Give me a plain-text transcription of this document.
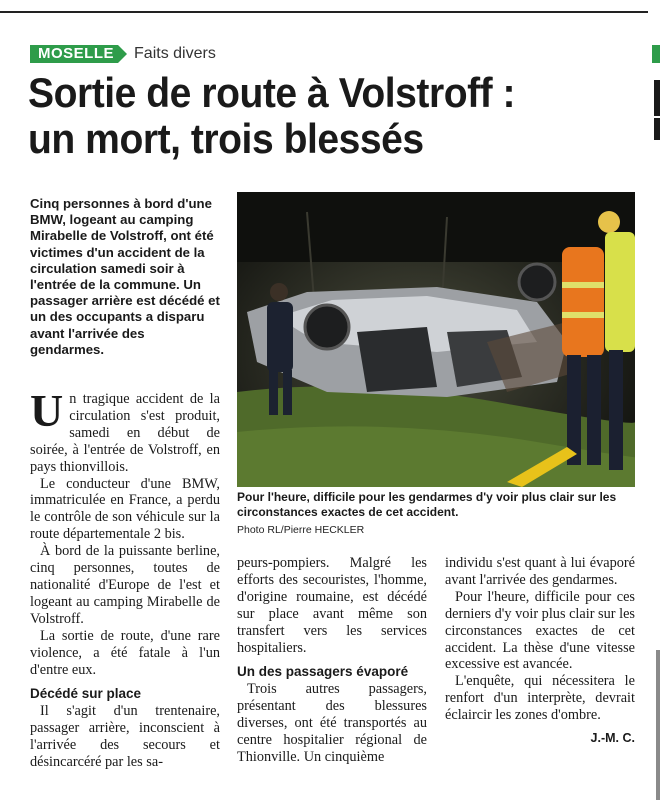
MOSELLE Faits divers
Sortie de route à Volstroff :
un mort, trois blessés

Cinq personnes à bord d'une BMW, logeant au camping Mirabelle de Volstroff, ont été victimes d'un accident de la circulation samedi soir à l'entrée de la commune. Un passager arrière est décédé et un des occupants a disparu avant l'arrivée des gendarmes.

Pour l'heure, difficile pour les gendarmes d'y voir plus clair sur les circonstances exactes de cet accident.
Photo RL/Pierre HECKLER

Un tragique accident de la circulation s'est produit, samedi en début de soirée, à l'entrée de Volstroff, en pays thionvillois.

Le conducteur d'une BMW, immatriculée en France, a perdu le contrôle de son véhicule sur la route départementale 2 bis.

À bord de la puissante berline, cinq personnes, toutes de nationalité d'Europe de l'est et logeant au camping Mirabelle de Volstroff.

La sortie de route, d'une rare violence, a été fatale à l'un d'entre eux.

Décédé sur place

Il s'agit d'un trentenaire, passager arrière, inconscient à l'arrivée des secours et désincarcéré par les sa-

peurs-pompiers. Malgré les efforts des secouristes, l'homme, d'origine roumaine, est décédé sur place avant même son transfert vers les services hospitaliers.

Un des passagers évaporé

Trois autres passagers, présentant des blessures diverses, ont été transportés au centre hospitalier régional de Thionville. Un cinquième

individu s'est quant à lui évaporé avant l'arrivée des gendarmes.

Pour l'heure, difficile pour ces derniers d'y voir plus clair sur les circonstances exactes de cet accident. La thèse d'une vitesse excessive est avancée.

L'enquête, qui nécessitera le renfort d'un interprète, devrait éclaircir les zones d'ombre.

J.-M. C.
